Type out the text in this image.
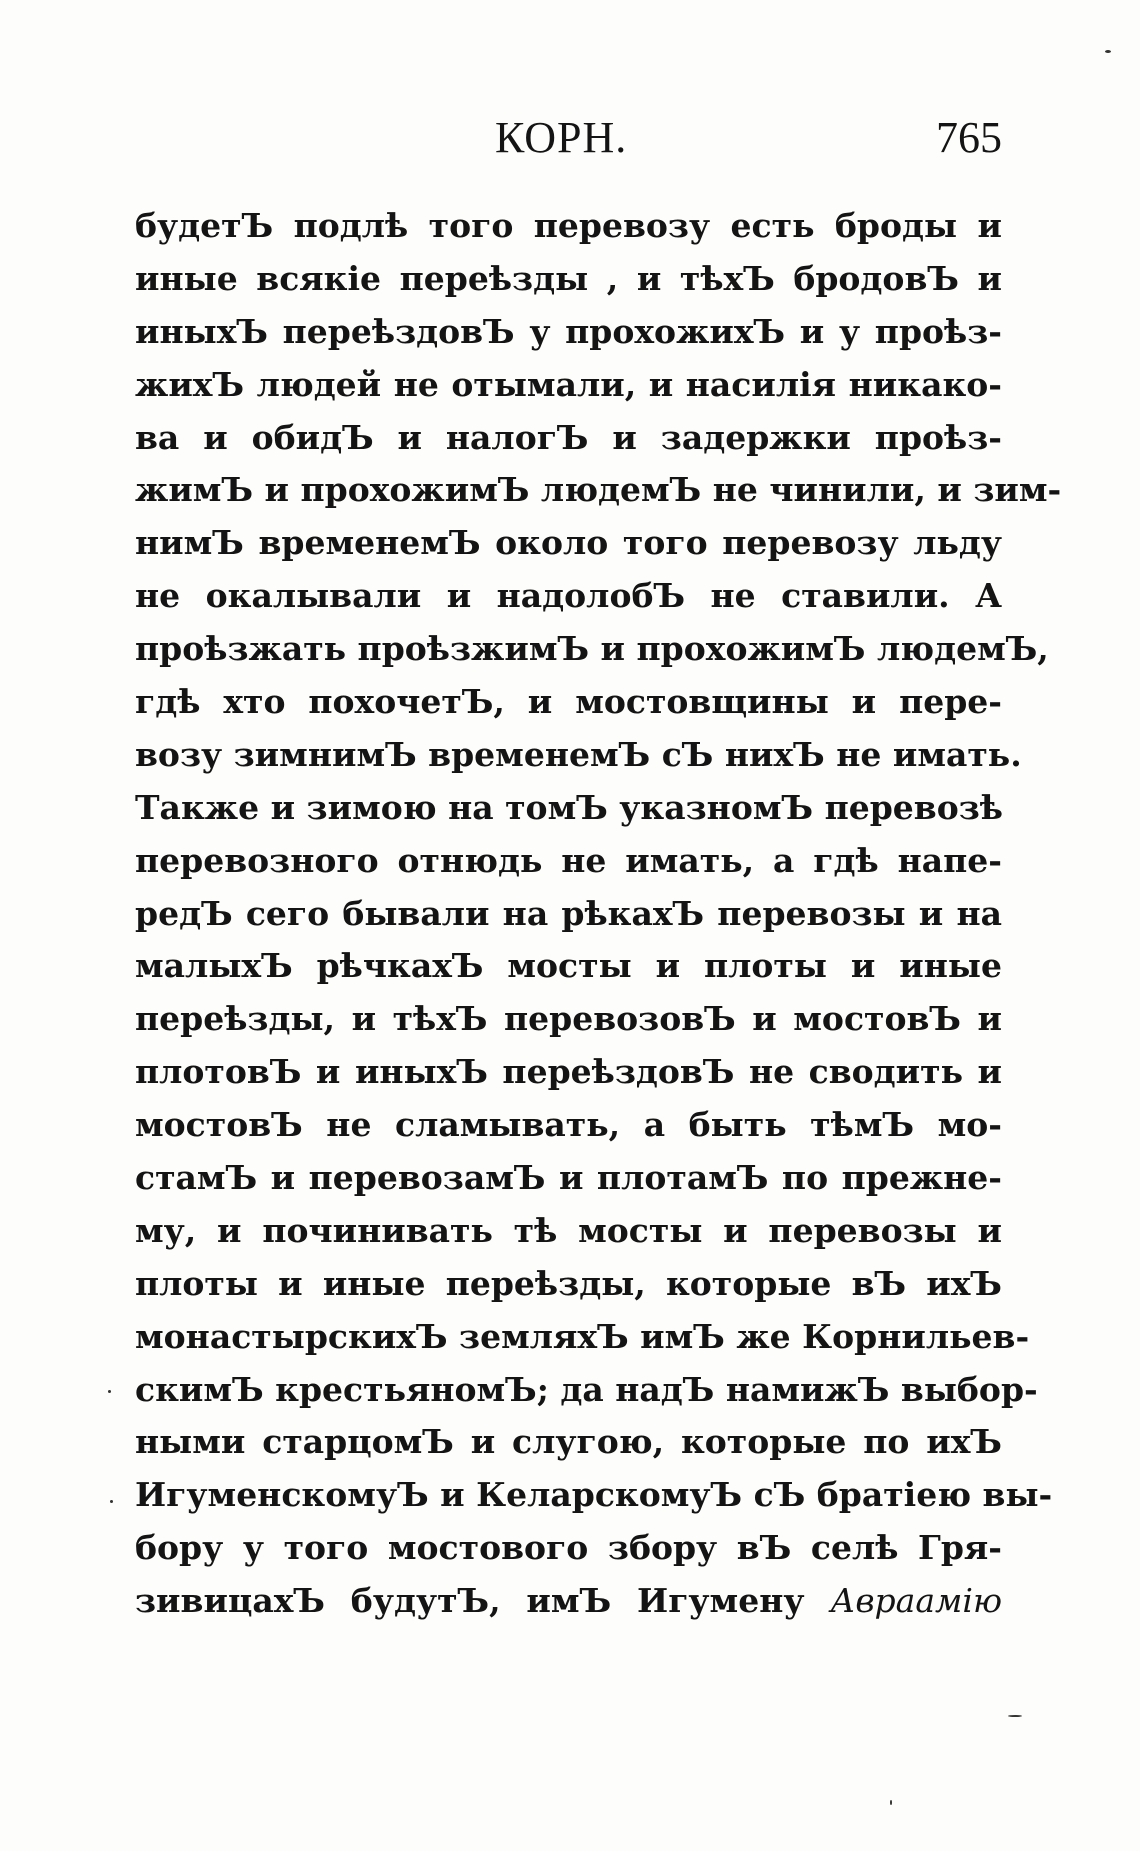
КОРН.	765
будетЪ подлѣ того перевозу есть броды и
иные всякіе переѣзды , и тѣхЪ бродовЪ и
иныхЪ переѣздовЪ у прохожихЪ и у проѣз-
жихЪ людей не отымали, и насилія никако-
ва и обидЪ и налогЪ и задержки проѣз-
жимЪ и прохожимЪ людемЪ не чинили, и зим-
нимЪ временемЪ около того перевозу льду
не окалывали и надолобЪ не ставили. А
проѣзжать проѣзжимЪ и прохожимЪ людемЪ,
гдѣ хто похочетЪ, и мостовщины и пере-
возу зимнимЪ временемЪ сЪ нихЪ не имать.
Также и зимою на томЪ указномЪ перевозѣ
перевозного отнюдь не имать, а гдѣ напе-
редЪ сего бывали на рѣкахЪ перевозы и на
малыхЪ рѣчкахЪ мосты и плоты и иные
переѣзды, и тѣхЪ перевозовЪ и мостовЪ и
плотовЪ и иныхЪ переѣздовЪ не сводить и
мостовЪ не сламывать, а быть тѣмЪ мо-
стамЪ и перевозамЪ и плотамЪ по прежне-
му, и починивать тѣ мосты и перевозы и
плоты и иные переѣзды, которые вЪ ихЪ
монастырскихЪ земляхЪ имЪ же Корнильев-
скимЪ крестьяномЪ; да надЪ намижЪ выбор-
ными старцомЪ и слугою, которые по ихЪ
ИгуменскомуЪ и КеларскомуЪ сЪ братіею вы-
бору у того мостового збору вЪ селѣ Гря-
зивицахЪ будутЪ, имЪ Игумену Авраамію
